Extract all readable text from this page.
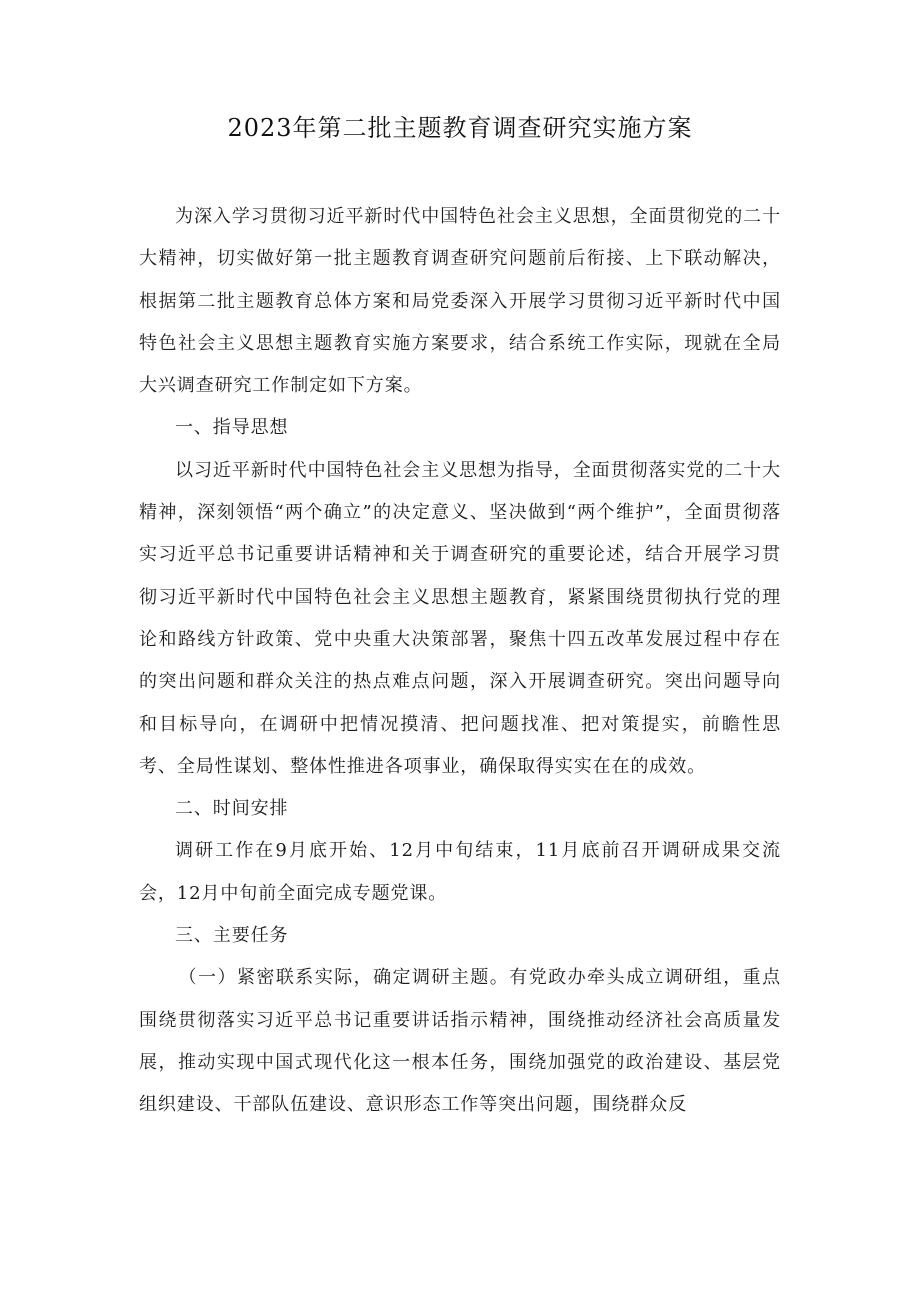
2023年第二批主题教育调查研究实施方案

为深入学习贯彻习近平新时代中国特色社会主义思想，全面贯彻党的二十大精神，切实做好第一批主题教育调查研究问题前后衔接、上下联动解决，根据第二批主题教育总体方案和局党委深入开展学习贯彻习近平新时代中国特色社会主义思想主题教育实施方案要求，结合系统工作实际，现就在全局大兴调查研究工作制定如下方案。

一、指导思想

以习近平新时代中国特色社会主义思想为指导，全面贯彻落实党的二十大精神，深刻领悟“两个确立”的决定意义、坚决做到“两个维护”，全面贯彻落实习近平总书记重要讲话精神和关于调查研究的重要论述，结合开展学习贯彻习近平新时代中国特色社会主义思想主题教育，紧紧围绕贯彻执行党的理论和路线方针政策、党中央重大决策部署，聚焦十四五改革发展过程中存在的突出问题和群众关注的热点难点问题，深入开展调查研究。突出问题导向和目标导向，在调研中把情况摸清、把问题找准、把对策提实，前瞻性思考、全局性谋划、整体性推进各项事业，确保取得实实在在的成效。

二、时间安排

调研工作在9月底开始、12月中旬结束，11月底前召开调研成果交流会，12月中旬前全面完成专题党课。

三、主要任务

（一）紧密联系实际，确定调研主题。有党政办牵头成立调研组，重点围绕贯彻落实习近平总书记重要讲话指示精神，围绕推动经济社会高质量发展，推动实现中国式现代化这一根本任务，围绕加强党的政治建设、基层党组织建设、干部队伍建设、意识形态工作等突出问题，围绕群众反
